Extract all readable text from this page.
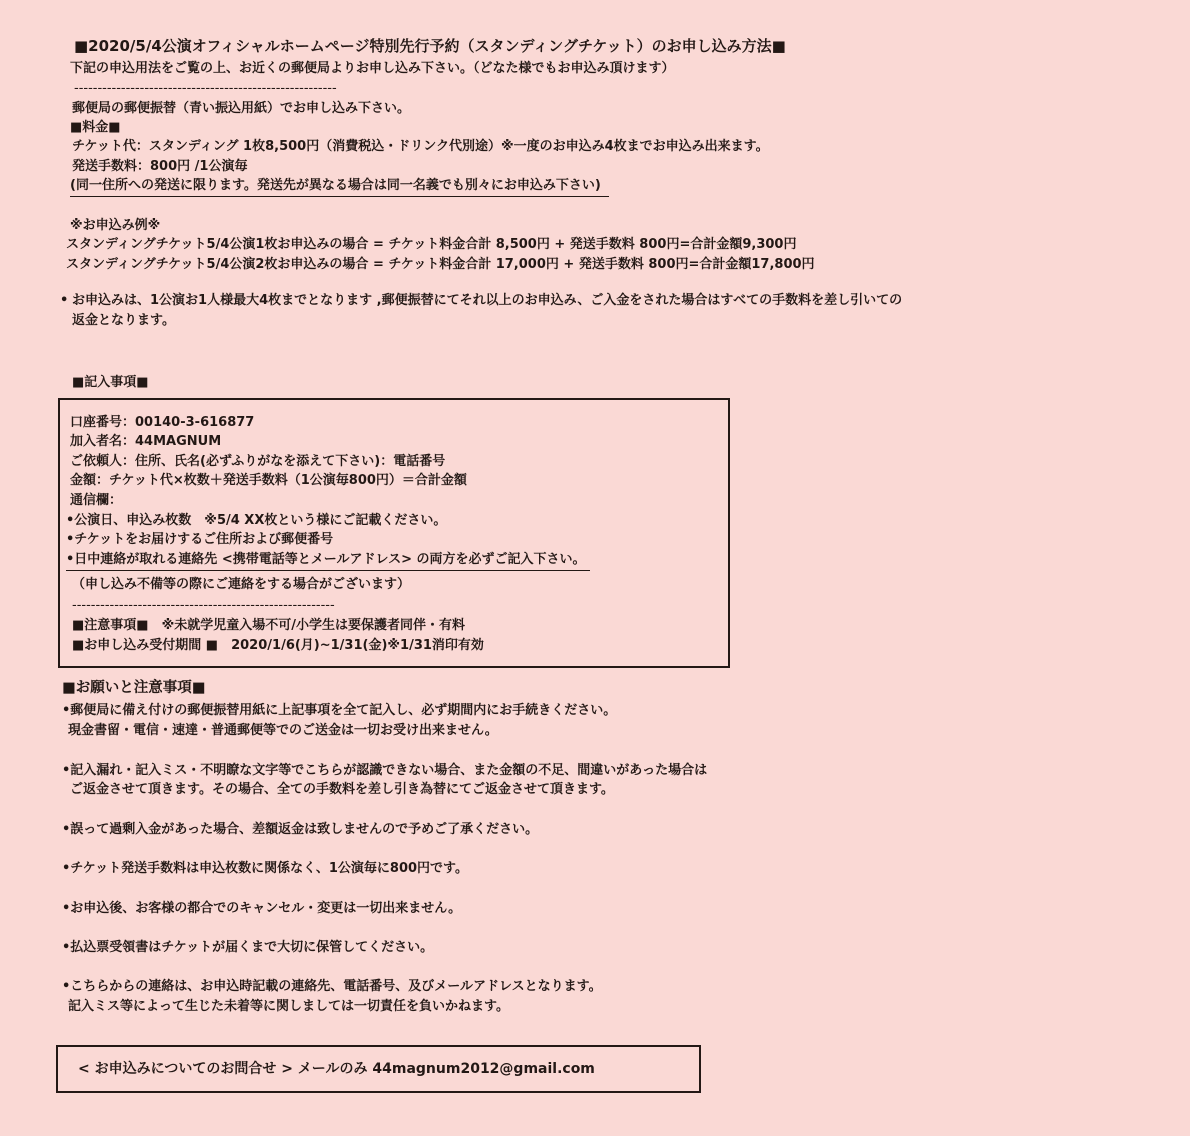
■2020/5/4公演オフィシャルホームページ特別先行予約（スタンディングチケット）のお申し込み方法■
下記の申込用法をご覧の上、お近くの郵便局よりお申し込み下さい。（どなた様でもお申込み頂けます）
--------------------------------------------------------
郵便局の郵便振替（青い振込用紙）でお申し込み下さい。
■料金■
チケット代：スタンディング 1枚8,500円（消費税込・ドリンク代別途）※一度のお申込み4枚までお申込み出来ます。
発送手数料：800円 /1公演毎
(同一住所への発送に限ります。発送先が異なる場合は同一名義でも別々にお申込み下さい)
※お申込み例※
スタンディングチケット5/4公演1枚お申込みの場合 = チケット料金合計 8,500円 + 発送手数料 800円=合計金額9,300円
スタンディングチケット5/4公演2枚お申込みの場合 = チケット料金合計 17,000円 + 発送手数料 800円=合計金額17,800円
• お申込みは、1公演お1人様最大4枚までとなります ,郵便振替にてそれ以上のお申込み、ご入金をされた場合はすべての手数料を差し引いての
返金となります。
■記入事項■
口座番号：00140-3-616877
加入者名：44MAGNUM
ご依頼人：住所、氏名(必ずふりがなを添えて下さい)：電話番号
金額：チケット代×枚数＋発送手数料（1公演毎800円）＝合計金額
通信欄：
•公演日、申込み枚数　※5/4 XX枚という様にご記載ください。
•チケットをお届けするご住所および郵便番号
•日中連絡が取れる連絡先 <携帯電話等とメールアドレス> の両方を必ずご記入下さい。
（申し込み不備等の際にご連絡をする場合がございます）
--------------------------------------------------------
■注意事項■　※未就学児童入場不可/小学生は要保護者同伴・有料
■お申し込み受付期間 ■　2020/1/6(月)~1/31(金)※1/31消印有効
■お願いと注意事項■
•郵便局に備え付けの郵便振替用紙に上記事項を全て記入し、必ず期間内にお手続きください。
現金書留・電信・速達・普通郵便等でのご送金は一切お受け出来ません。
•記入漏れ・記入ミス・不明瞭な文字等でこちらが認識できない場合、また金額の不足、間違いがあった場合は
ご返金させて頂きます。その場合、全ての手数料を差し引き為替にてご返金させて頂きます。
•誤って過剰入金があった場合、差額返金は致しませんので予めご了承ください。
•チケット発送手数料は申込枚数に関係なく、1公演毎に800円です。
•お申込後、お客様の都合でのキャンセル・変更は一切出来ません。
•払込票受領書はチケットが届くまで大切に保管してください。
•こちらからの連絡は、お申込時記載の連絡先、電話番号、及びメールアドレスとなります。
記入ミス等によって生じた未着等に関しましては一切責任を負いかねます。
< お申込みについてのお問合せ > メールのみ 44magnum2012@gmail.com
